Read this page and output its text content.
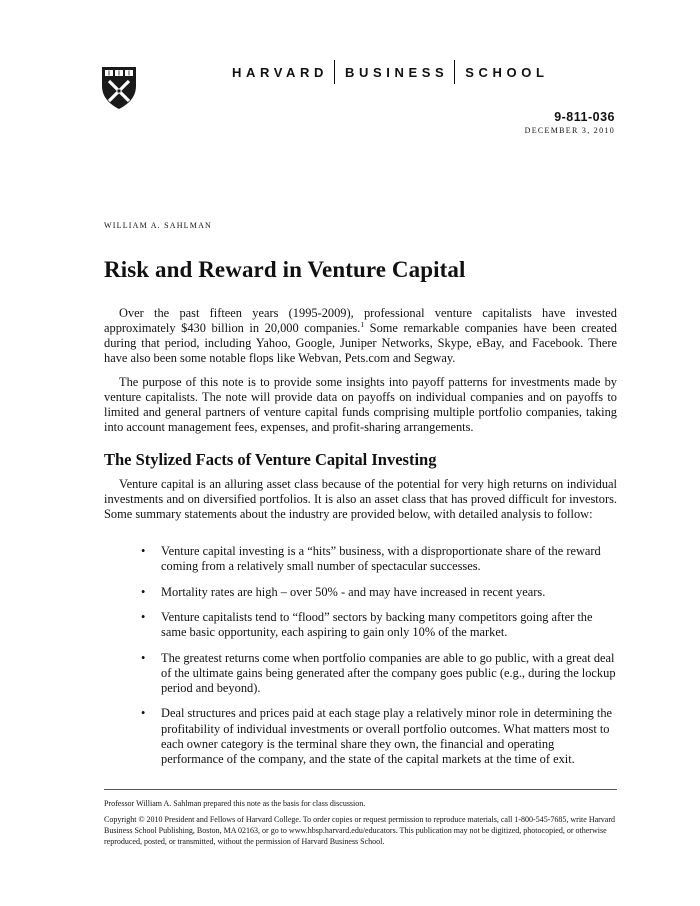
HARVARD BUSINESS SCHOOL
9-811-036
DECEMBER 3, 2010
WILLIAM A. SAHLMAN
Risk and Reward in Venture Capital

Over the past fifteen years (1995-2009), professional venture capitalists have invested approximately $430 billion in 20,000 companies.$^1$ Some remarkable companies have been created during that period, including Yahoo, Google, Juniper Networks, Skype, eBay, and Facebook. There have also been some notable flops like Webvan, Pets.com and Segway.

The purpose of this note is to provide some insights into payoff patterns for investments made by venture capitalists. The note will provide data on payoffs on individual companies and on payoffs to limited and general partners of venture capital funds comprising multiple portfolio companies, taking into account management fees, expenses, and profit-sharing arrangements.

The Stylized Facts of Venture Capital Investing

Venture capital is an alluring asset class because of the potential for very high returns on individual investments and on diversified portfolios. It is also an asset class that has proved difficult for investors. Some summary statements about the industry are provided below, with detailed analysis to follow:

• Venture capital investing is a “hits” business, with a disproportionate share of the reward coming from a relatively small number of spectacular successes.
• Mortality rates are high – over 50% - and may have increased in recent years.
• Venture capitalists tend to “flood” sectors by backing many competitors going after the same basic opportunity, each aspiring to gain only 10% of the market.
• The greatest returns come when portfolio companies are able to go public, with a great deal of the ultimate gains being generated after the company goes public (e.g., during the lockup period and beyond).
• Deal structures and prices paid at each stage play a relatively minor role in determining the profitability of individual investments or overall portfolio outcomes. What matters most to each owner category is the terminal share they own, the financial and operating performance of the company, and the state of the capital markets at the time of exit.

Professor William A. Sahlman prepared this note as the basis for class discussion.

Copyright © 2010 President and Fellows of Harvard College. To order copies or request permission to reproduce materials, call 1-800-545-7685, write Harvard Business School Publishing, Boston, MA 02163, or go to www.hbsp.harvard.edu/educators. This publication may not be digitized, photocopied, or otherwise reproduced, posted, or transmitted, without the permission of Harvard Business School.
